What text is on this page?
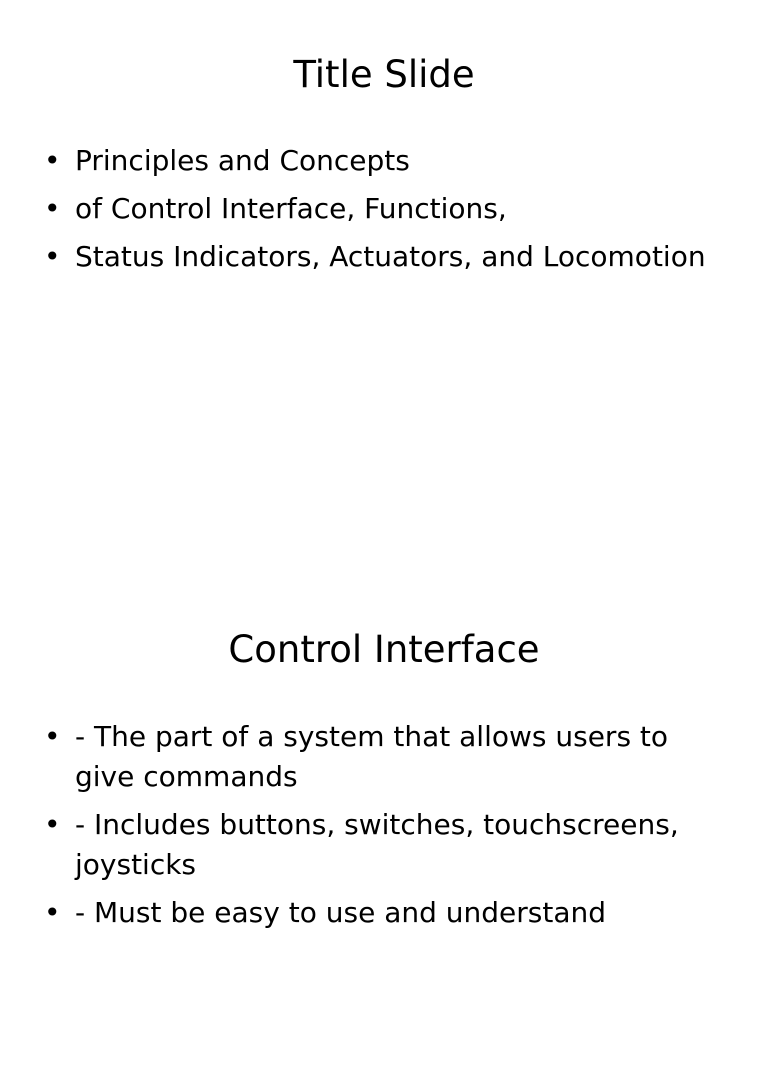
Title Slide
• Principles and Concepts
• of Control Interface, Functions,
• Status Indicators, Actuators, and Locomotion
Control Interface
• - The part of a system that allows users to give commands
• - Includes buttons, switches, touchscreens, joysticks
• - Must be easy to use and understand
